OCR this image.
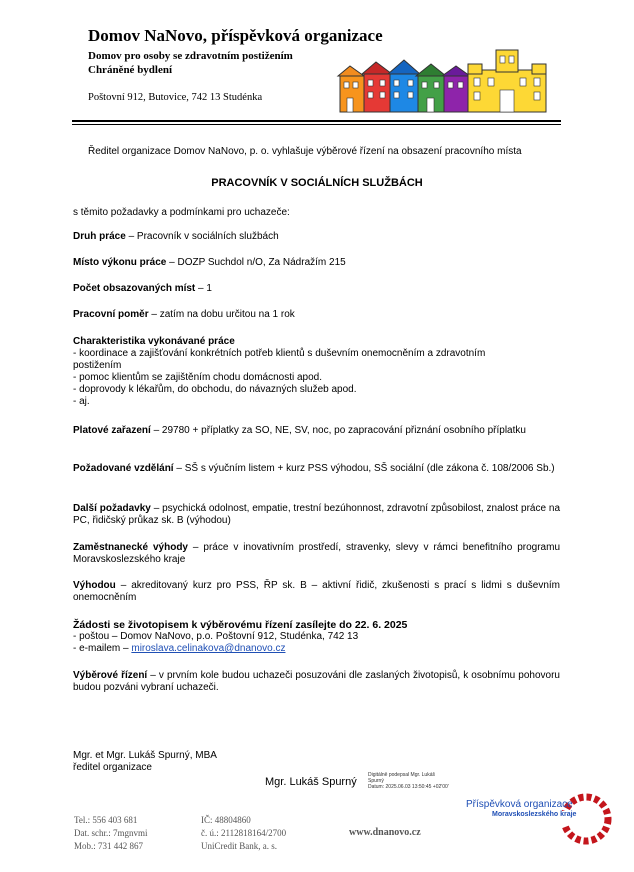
Domov NaNovo, příspěvková organizace
Domov pro osoby se zdravotním postižením
Chráněné bydlení
Poštovní 912, Butovice, 742 13 Studénka
Ředitel organizace Domov NaNovo, p. o. vyhlašuje výběrové řízení na obsazení pracovního místa
PRACOVNÍK V SOCIÁLNÍCH SLUŽBÁCH
s těmito požadavky a podmínkami pro uchazeče:
Druh práce – Pracovník v sociálních službách
Místo výkonu práce – DOZP Suchdol n/O, Za Nádražím 215
Počet obsazovaných míst – 1
Pracovní poměr – zatím na dobu určitou na 1 rok
Charakteristika vykonávané práce
- koordinace a zajišťování konkrétních potřeb klientů s duševním onemocněním a zdravotním postižením
- pomoc klientům se zajištěním chodu domácnosti apod.
- doprovody k lékařům, do obchodu, do návazných služeb apod.
- aj.
Platové zařazení – 29780 + příplatky za SO, NE, SV, noc, po zapracování přiznání osobního příplatku
Požadované vzdělání – SŠ s výučním listem + kurz PSS výhodou, SŠ sociální (dle zákona č. 108/2006 Sb.)
Další požadavky – psychická odolnost, empatie, trestní bezúhonnost, zdravotní způsobilost, znalost práce na PC, řidičský průkaz sk. B (výhodou)
Zaměstnanecké výhody – práce v inovativním prostředí, stravenky, slevy v rámci benefitního programu Moravskoslezského kraje
Výhodou – akreditovaný kurz pro PSS, ŘP sk. B – aktivní řidič, zkušenosti s prací s lidmi s duševním onemocněním
Žádosti se životopisem k výběrovému řízení zasílejte do 22. 6. 2025
- poštou – Domov NaNovo, p.o. Poštovní 912, Studénka, 742 13
- e-mailem – miroslava.celinakova@dnanovo.cz
Výběrové řízení – v prvním kole budou uchazeči posuzováni dle zaslaných životopisů, k osobnímu pohovoru budou pozváni vybraní uchazeči.
Mgr. et Mgr. Lukáš Spurný, MBA
ředitel organizace
Mgr. Lukáš Spurný
Digitálně podepsal Mgr. Lukáš
Spurný
Datum: 2025.06.03 13:50:45 +02'00'
Příspěvková organizace
Moravskoslezského kraje
Tel.: 556 403 681
Dat. schr.: 7mgnvmi
Mob.: 731 442 867
IČ: 48804860
č. ú.: 2112818164/2700
UniCredit Bank, a. s.
www.dnanovo.cz
